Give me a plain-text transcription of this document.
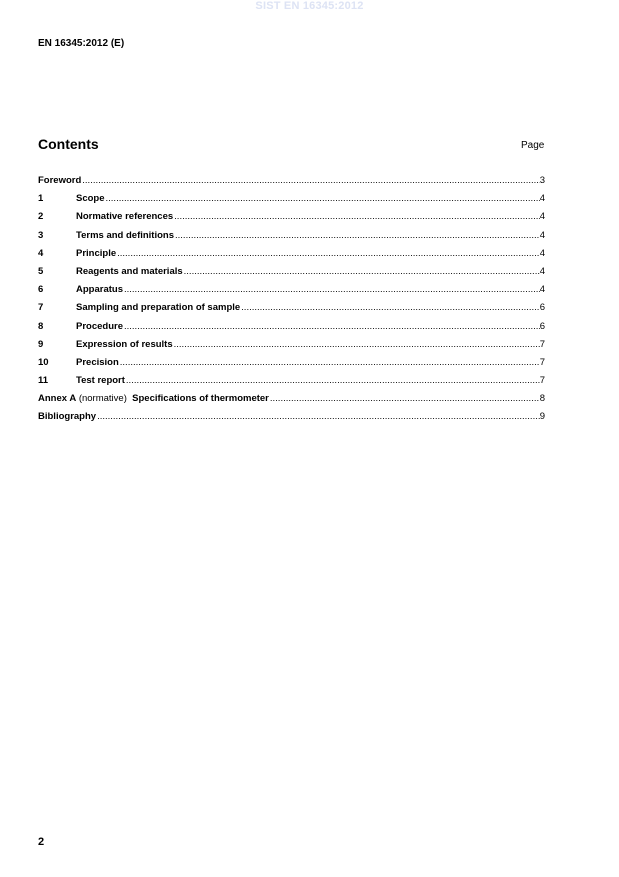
SIST EN 16345:2012
EN 16345:2012 (E)
Contents	Page
Foreword .....	3
1	Scope .....	4
2	Normative references .....	4
3	Terms and definitions .....	4
4	Principle .....	4
5	Reagents and materials .....	4
6	Apparatus .....	4
7	Sampling and preparation of sample .....	6
8	Procedure .....	6
9	Expression of results .....	7
10	Precision .....	7
11	Test report .....	7
Annex A (normative) Specifications of thermometer .....	8
Bibliography .....	9
2
